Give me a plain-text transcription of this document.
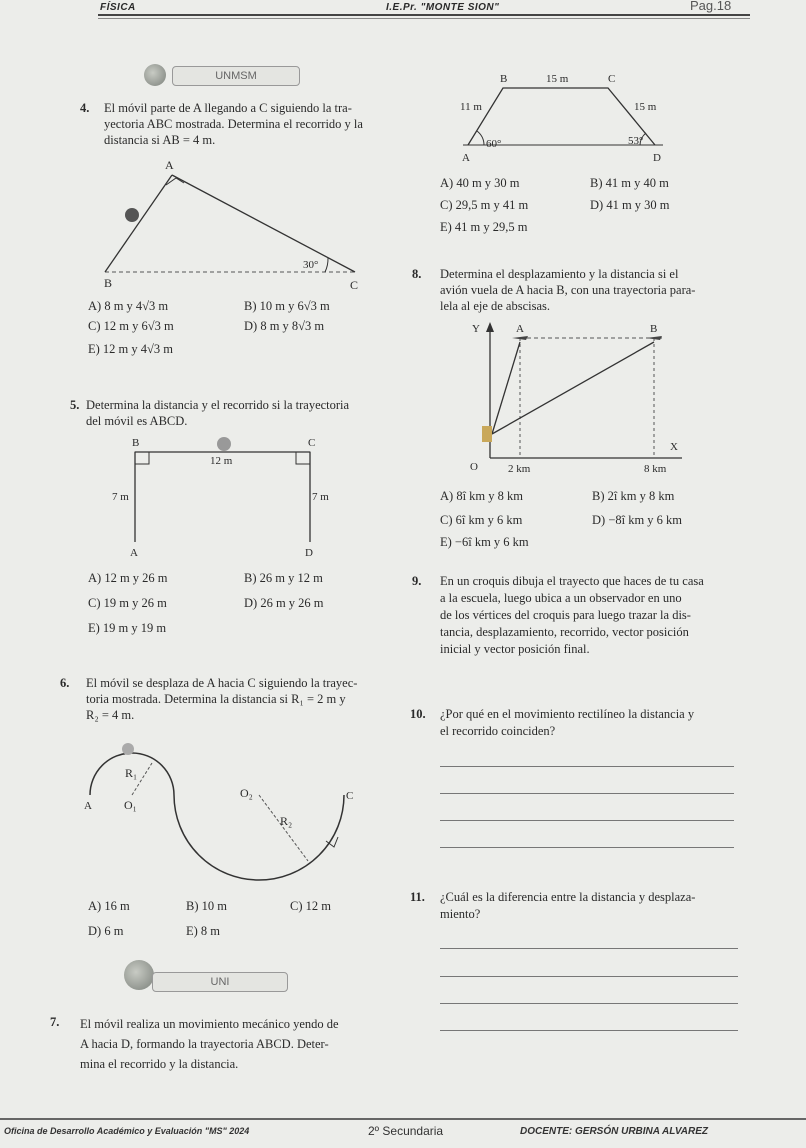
FÍSICA	I.E.Pr. "MONTE SION"	Pag.18
UNMSM
4. El móvil parte de A llegando a C siguiendo la tra-
yectoria ABC mostrada. Determina el recorrido y la
distancia si AB = 4 m.
A
B	C
30°
A) 8 m y 4√3 m	B) 10 m y 6√3 m
C) 12 m y 6√3 m	D) 8 m y 8√3 m
E) 12 m y 4√3 m
5. Determina la distancia y el recorrido si la trayectoria
del móvil es ABCD.
B	C
A	D
12 m
7 m	7 m
A) 12 m y 26 m	B) 26 m y 12 m
C) 19 m y 26 m	D) 26 m y 26 m
E) 19 m y 19 m
6. El móvil se desplaza de A hacia C siguiendo la trayec-
toria mostrada. Determina la distancia si R₁ = 2 m y
R₂ = 4 m.
A	O₁
R₁
O₂
R₂
C
A) 16 m	B) 10 m	C) 12 m
D) 6 m	E) 8 m
UNI
7. El móvil realiza un movimiento mecánico yendo de
A hacia D, formando la trayectoria ABCD. Deter-
mina el recorrido y la distancia.
B	C
A	D
15 m
11 m	15 m
60°	53°
A) 40 m y 30 m	B) 41 m y 40 m
C) 29,5 m y 41 m	D) 41 m y 30 m
E) 41 m y 29,5 m
8. Determina el desplazamiento y la distancia si el
avión vuela de A hacia B, con una trayectoria para-
lela al eje de abscisas.
Y
X
O
A	B
2 km	8 km
A) 8î km y 8 km	B) 2î km y 8 km
C) 6î km y 6 km	D) −8î km y 6 km
E) −6î km y 6 km
9. En un croquis dibuja el trayecto que haces de tu casa
a la escuela, luego ubica a un observador en uno
de los vértices del croquis para luego trazar la dis-
tancia, desplazamiento, recorrido, vector posición
inicial y vector posición final.
10. ¿Por qué en el movimiento rectilíneo la distancia y
el recorrido coinciden?
11. ¿Cuál es la diferencia entre la distancia y desplaza-
miento?
Oficina de Desarrollo Académico y Evaluación "MS" 2024	2º Secundaria	DOCENTE: GERSÓN URBINA ALVAREZ
